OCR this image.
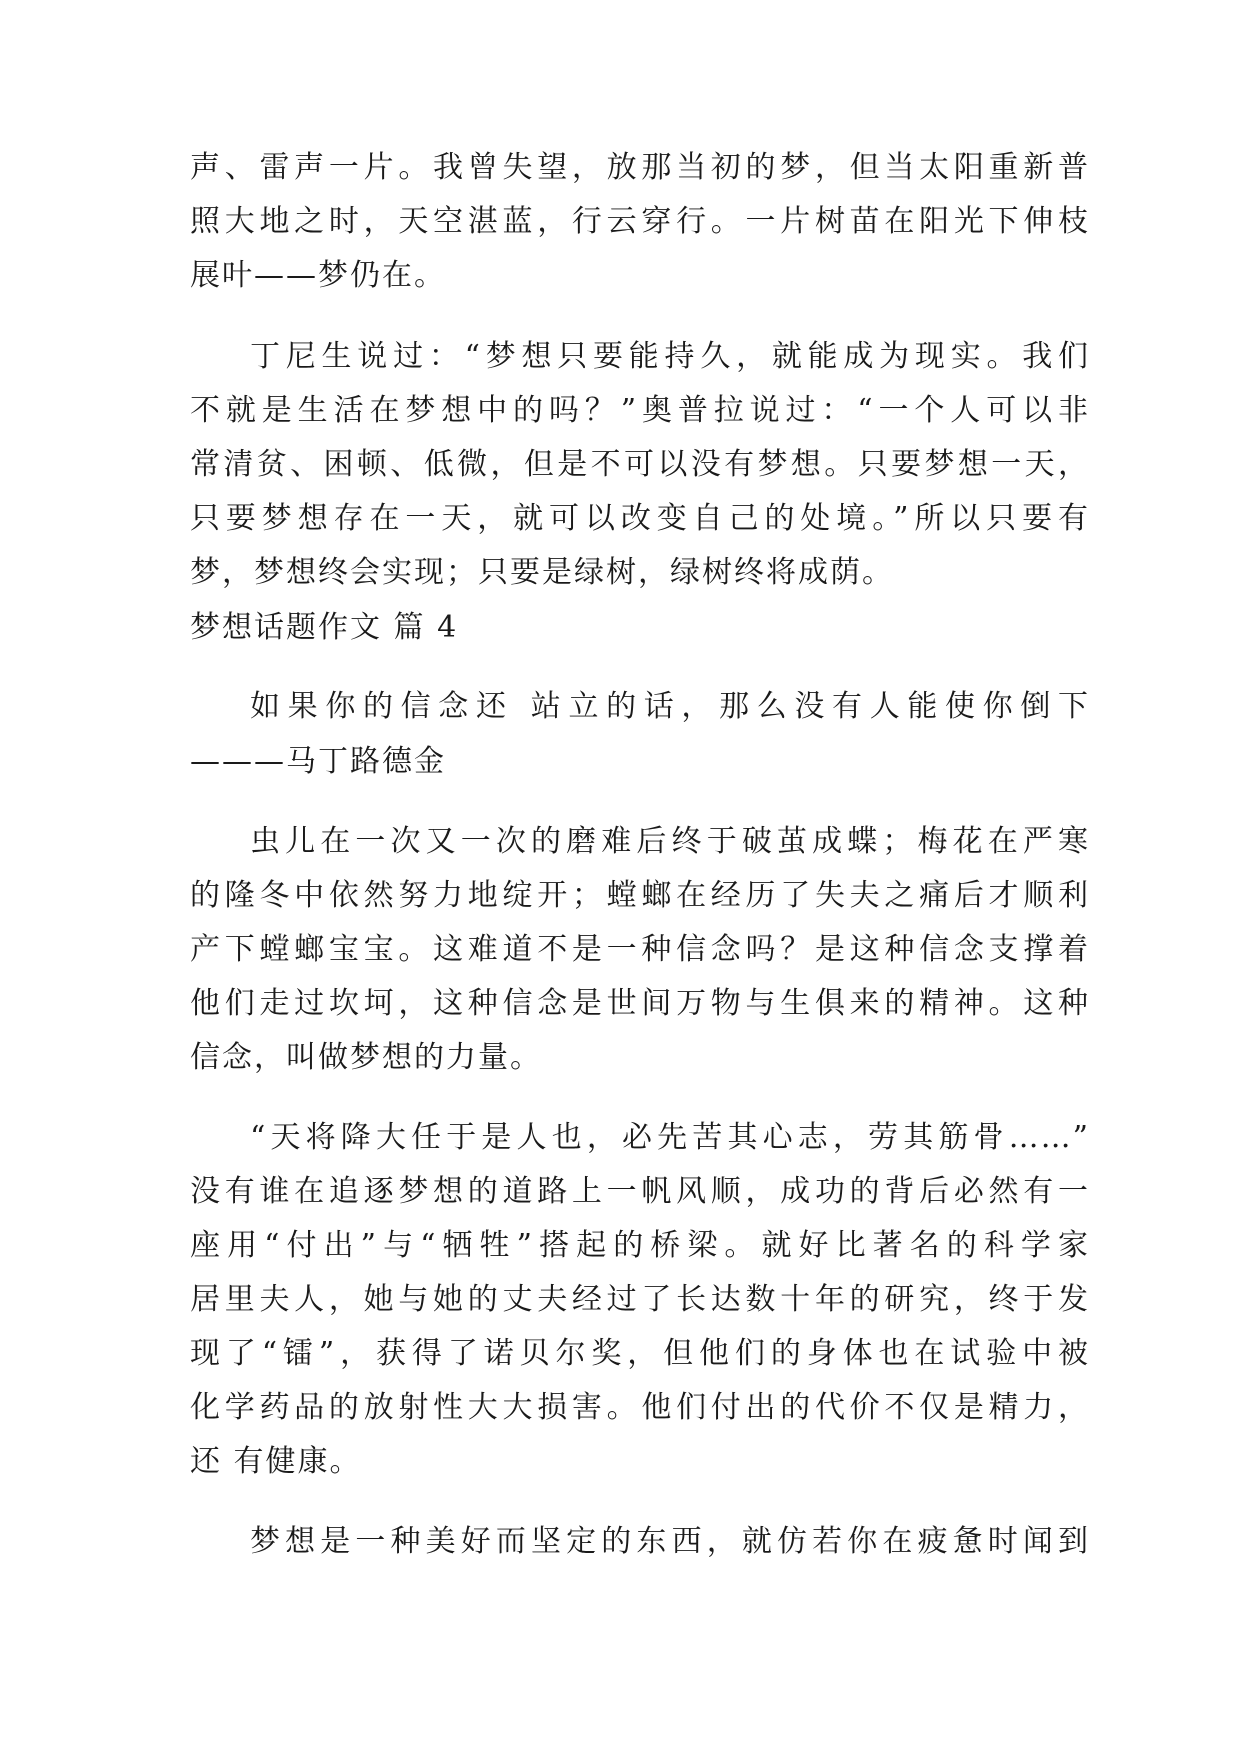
声、雷声一片。我曾失望，放那当初的梦，但当太阳重新普
照大地之时，天空湛蓝，行云穿行。一片树苗在阳光下伸枝
展叶——梦仍在。
丁尼生说过：“梦想只要能持久，就能成为现实。我们
不就是生活在梦想中的吗？”奥普拉说过：“一个人可以非
常清贫、困顿、低微，但是不可以没有梦想。只要梦想一天，
只要梦想存在一天，就可以改变自己的处境。”所以只要有
梦，梦想终会实现；只要是绿树，绿树终将成荫。
梦想话题作文 篇 4
如果你的信念还 站立的话，那么没有人能使你倒下
———马丁路德金
虫儿在一次又一次的磨难后终于破茧成蝶；梅花在严寒
的隆冬中依然努力地绽开；螳螂在经历了失夫之痛后才顺利
产下螳螂宝宝。这难道不是一种信念吗？是这种信念支撑着
他们走过坎坷，这种信念是世间万物与生俱来的精神。这种
信念，叫做梦想的力量。
“天将降大任于是人也，必先苦其心志，劳其筋骨……”
没有谁在追逐梦想的道路上一帆风顺，成功的背后必然有一
座用“付出”与“牺牲”搭起的桥梁。就好比著名的科学家
居里夫人，她与她的丈夫经过了长达数十年的研究，终于发
现了“镭”，获得了诺贝尔奖，但他们的身体也在试验中被
化学药品的放射性大大损害。他们付出的代价不仅是精力，
还 有健康。
梦想是一种美好而坚定的东西，就仿若你在疲惫时闻到
